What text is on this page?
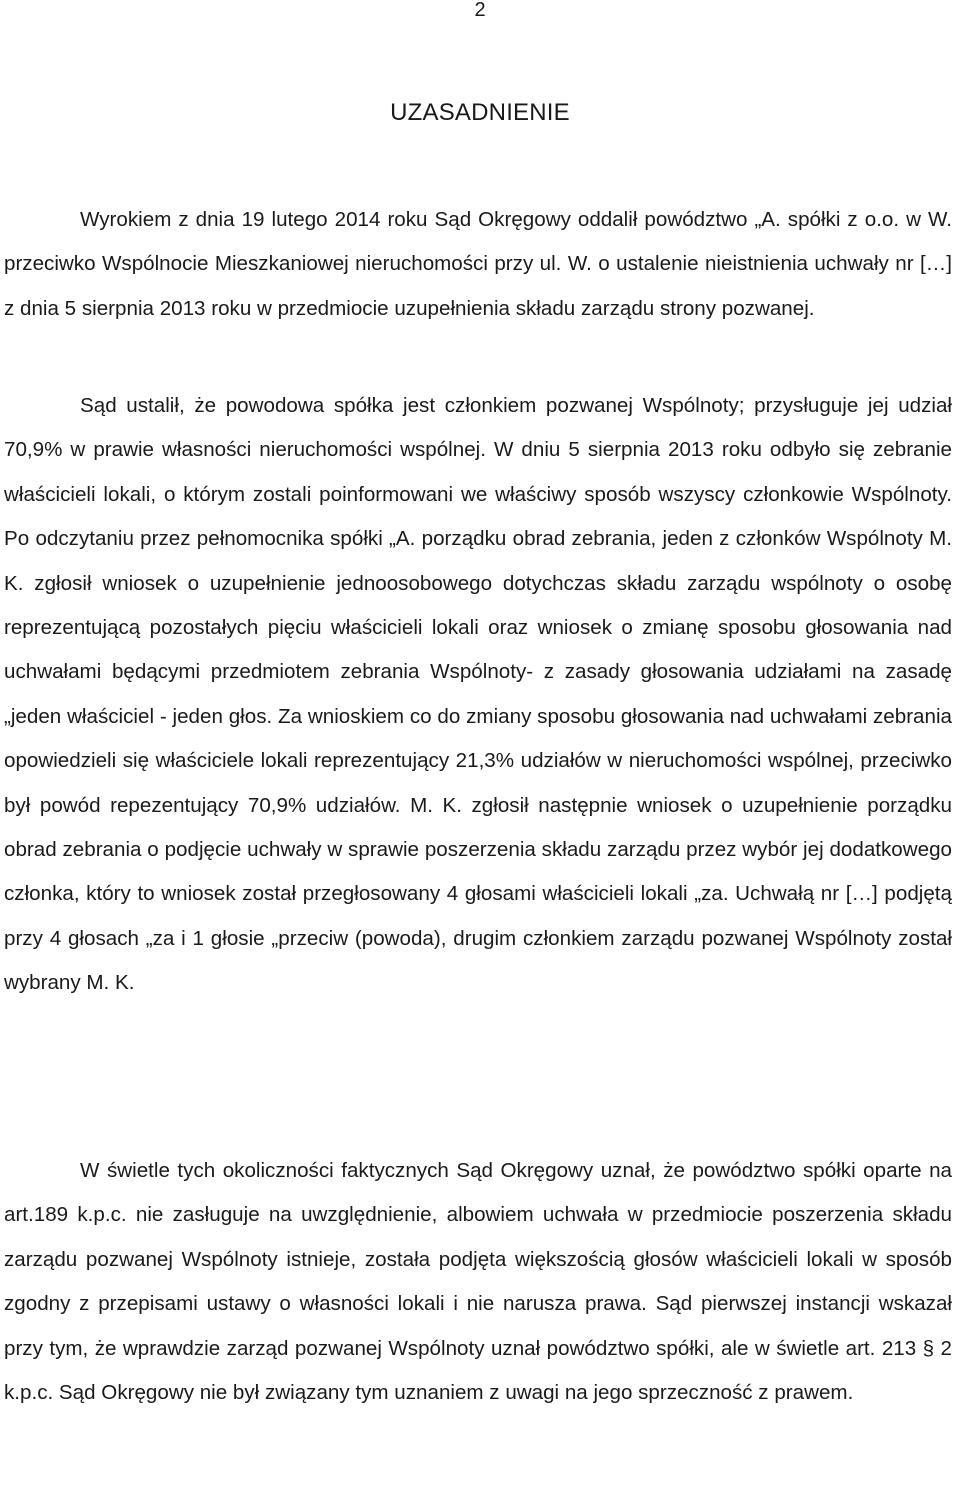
2
UZASADNIENIE

Wyrokiem z dnia 19 lutego 2014 roku Sąd Okręgowy oddalił powództwo „A. spółki z o.o. w W. przeciwko Wspólnocie Mieszkaniowej nieruchomości przy ul. W. o ustalenie nieistnienia uchwały nr […] z dnia 5 sierpnia 2013 roku w przedmiocie uzupełnienia składu zarządu strony pozwanej.

Sąd ustalił, że powodowa spółka jest członkiem pozwanej Wspólnoty; przysługuje jej udział 70,9% w prawie własności nieruchomości wspólnej. W dniu 5 sierpnia 2013 roku odbyło się zebranie właścicieli lokali, o którym zostali poinformowani we właściwy sposób wszyscy członkowie Wspólnoty. Po odczytaniu przez pełnomocnika spółki „A. porządku obrad zebrania, jeden z członków Wspólnoty M. K. zgłosił wniosek o uzupełnienie jednoosobowego dotychczas składu zarządu wspólnoty o osobę reprezentującą pozostałych pięciu właścicieli lokali oraz wniosek o zmianę sposobu głosowania nad uchwałami będącymi przedmiotem zebrania Wspólnoty- z zasady głosowania udziałami na zasadę „jeden właściciel - jeden głos. Za wnioskiem co do zmiany sposobu głosowania nad uchwałami zebrania opowiedzieli się właściciele lokali reprezentujący 21,3% udziałów w nieruchomości wspólnej, przeciwko był powód repezentujący 70,9% udziałów. M. K. zgłosił następnie wniosek o uzupełnienie porządku obrad zebrania o podjęcie uchwały w sprawie poszerzenia składu zarządu przez wybór jej dodatkowego członka, który to wniosek został przegłosowany 4 głosami właścicieli lokali „za. Uchwałą nr […] podjętą przy 4 głosach „za i 1 głosie „przeciw (powoda), drugim członkiem zarządu pozwanej Wspólnoty został wybrany M. K.

W świetle tych okoliczności faktycznych Sąd Okręgowy uznał, że powództwo spółki oparte na art.189 k.p.c. nie zasługuje na uwzględnienie, albowiem uchwała w przedmiocie poszerzenia składu zarządu pozwanej Wspólnoty istnieje, została podjęta większością głosów właścicieli lokali w sposób zgodny z przepisami ustawy o własności lokali i nie narusza prawa. Sąd pierwszej instancji wskazał przy tym, że wprawdzie zarząd pozwanej Wspólnoty uznał powództwo spółki, ale w świetle art. 213 § 2 k.p.c. Sąd Okręgowy nie był związany tym uznaniem z uwagi na jego sprzeczność z prawem.
